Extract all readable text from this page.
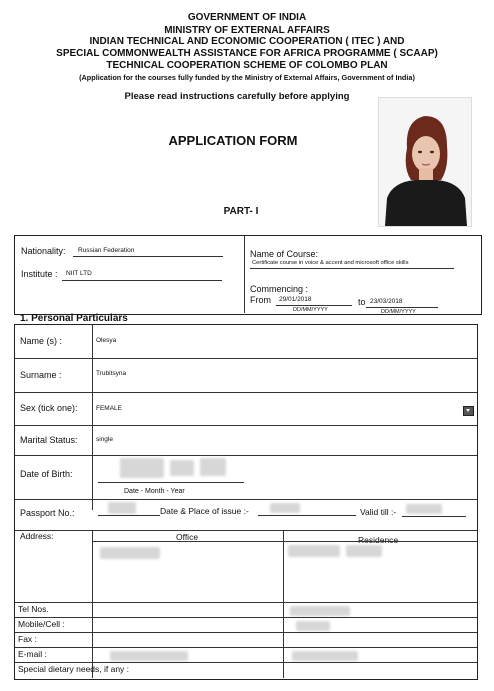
GOVERNMENT OF INDIA
MINISTRY OF EXTERNAL AFFAIRS
INDIAN TECHNICAL AND ECONOMIC COOPERATION ( ITEC ) AND
SPECIAL COMMONWEALTH ASSISTANCE FOR AFRICA PROGRAMME ( SCAAP)
TECHNICAL COOPERATION SCHEME OF COLOMBO PLAN
(Application for the courses fully funded by the Ministry of External Affairs, Government of India)
Please read instructions carefully before applying
APPLICATION FORM
PART- I
Nationality: Russian Federation
Institute : NIIT LTD
Name of Course:
Certificate course in voice & accent and microsoft office skills
Commencing :
From 29/01/2018
DD/MM/YYYY
to 23/03/2018
DD/MM/YYYY
1. Personal Particulars
Name (s) :	Olesya
Surname :	Trubitsyna
Sex (tick one):	FEMALE
Marital Status:	single
Date of Birth:
Date - Month - Year
Passport No.:	Date & Place of issue :-	Valid till :-
Address:	Office	Residence
Tel Nos.
Mobile/Cell :
Fax :
E-mail :
Special dietary needs, if any :
